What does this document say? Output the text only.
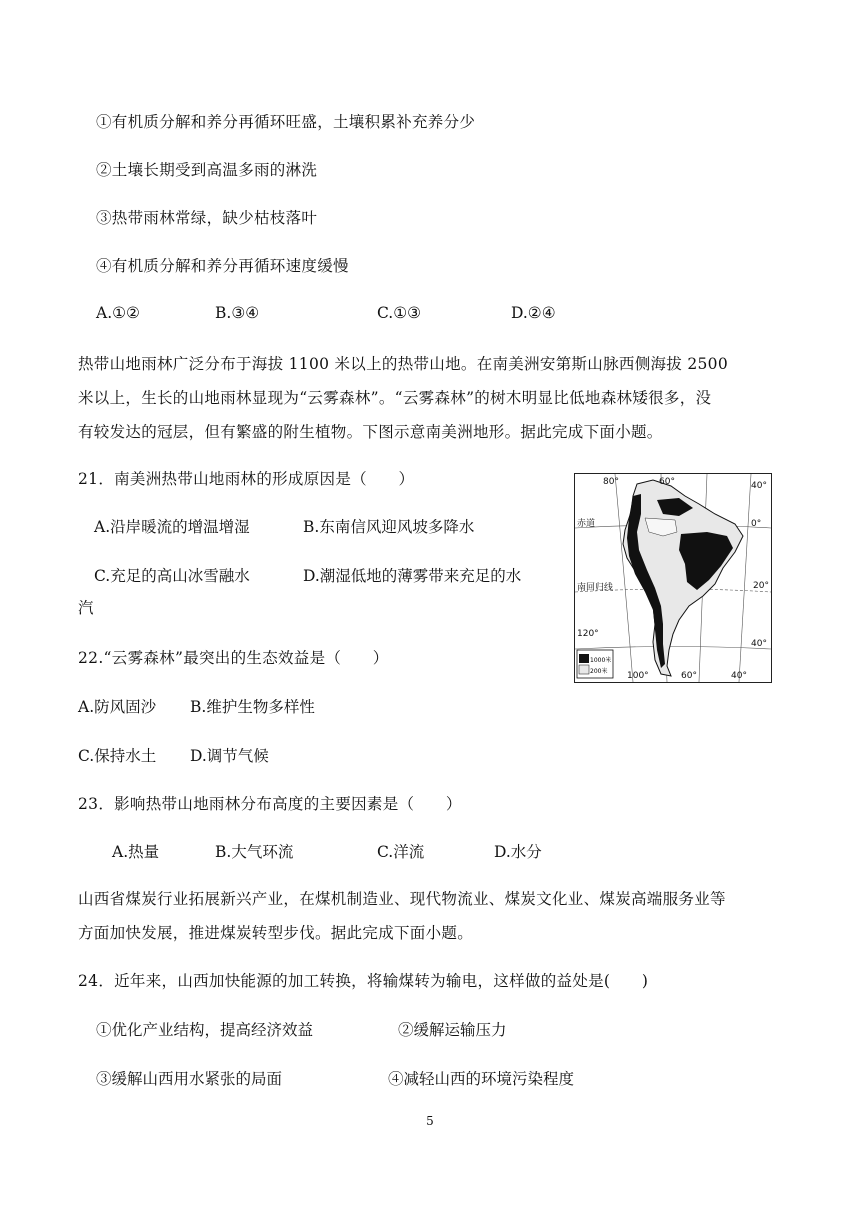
①有机质分解和养分再循环旺盛，土壤积累补充养分少
②土壤长期受到高温多雨的淋洗
③热带雨林常绿，缺少枯枝落叶
④有机质分解和养分再循环速度缓慢
A.①②	B.③④	C.①③	D.②④
热带山地雨林广泛分布于海拔 1100 米以上的热带山地。在南美洲安第斯山脉西侧海拔 2500
米以上，生长的山地雨林显现为“云雾森林”。“云雾森林”的树木明显比低地森林矮很多，没
有较发达的冠层，但有繁盛的附生植物。下图示意南美洲地形。据此完成下面小题。
21．南美洲热带山地雨林的形成原因是（　　）
A.沿岸暖流的增温增湿	B.东南信风迎风坡多降水
C.充足的高山冰雪融水	D.潮湿低地的薄雾带来充足的水
汽
22.“云雾森林”最突出的生态效益是（　　）
A.防风固沙 B.维护生物多样性
C.保持水土 D.调节气候
23．影响热带山地雨林分布高度的主要因素是（　　）
A.热量	B.大气环流	C.洋流	D.水分
山西省煤炭行业拓展新兴产业，在煤机制造业、现代物流业、煤炭文化业、煤炭高端服务业等
方面加快发展，推进煤炭转型步伐。据此完成下面小题。
24．近年来，山西加快能源的加工转换，将输煤转为输电，这样做的益处是(　　)
①优化产业结构，提高经济效益	②缓解运输压力
③缓解山西用水紧张的局面	④减轻山西的环境污染程度
80°	60°	40°
赤道	0°
南回归线	20°
120°
40°
100°	60°	40°
1000米
200米
5
